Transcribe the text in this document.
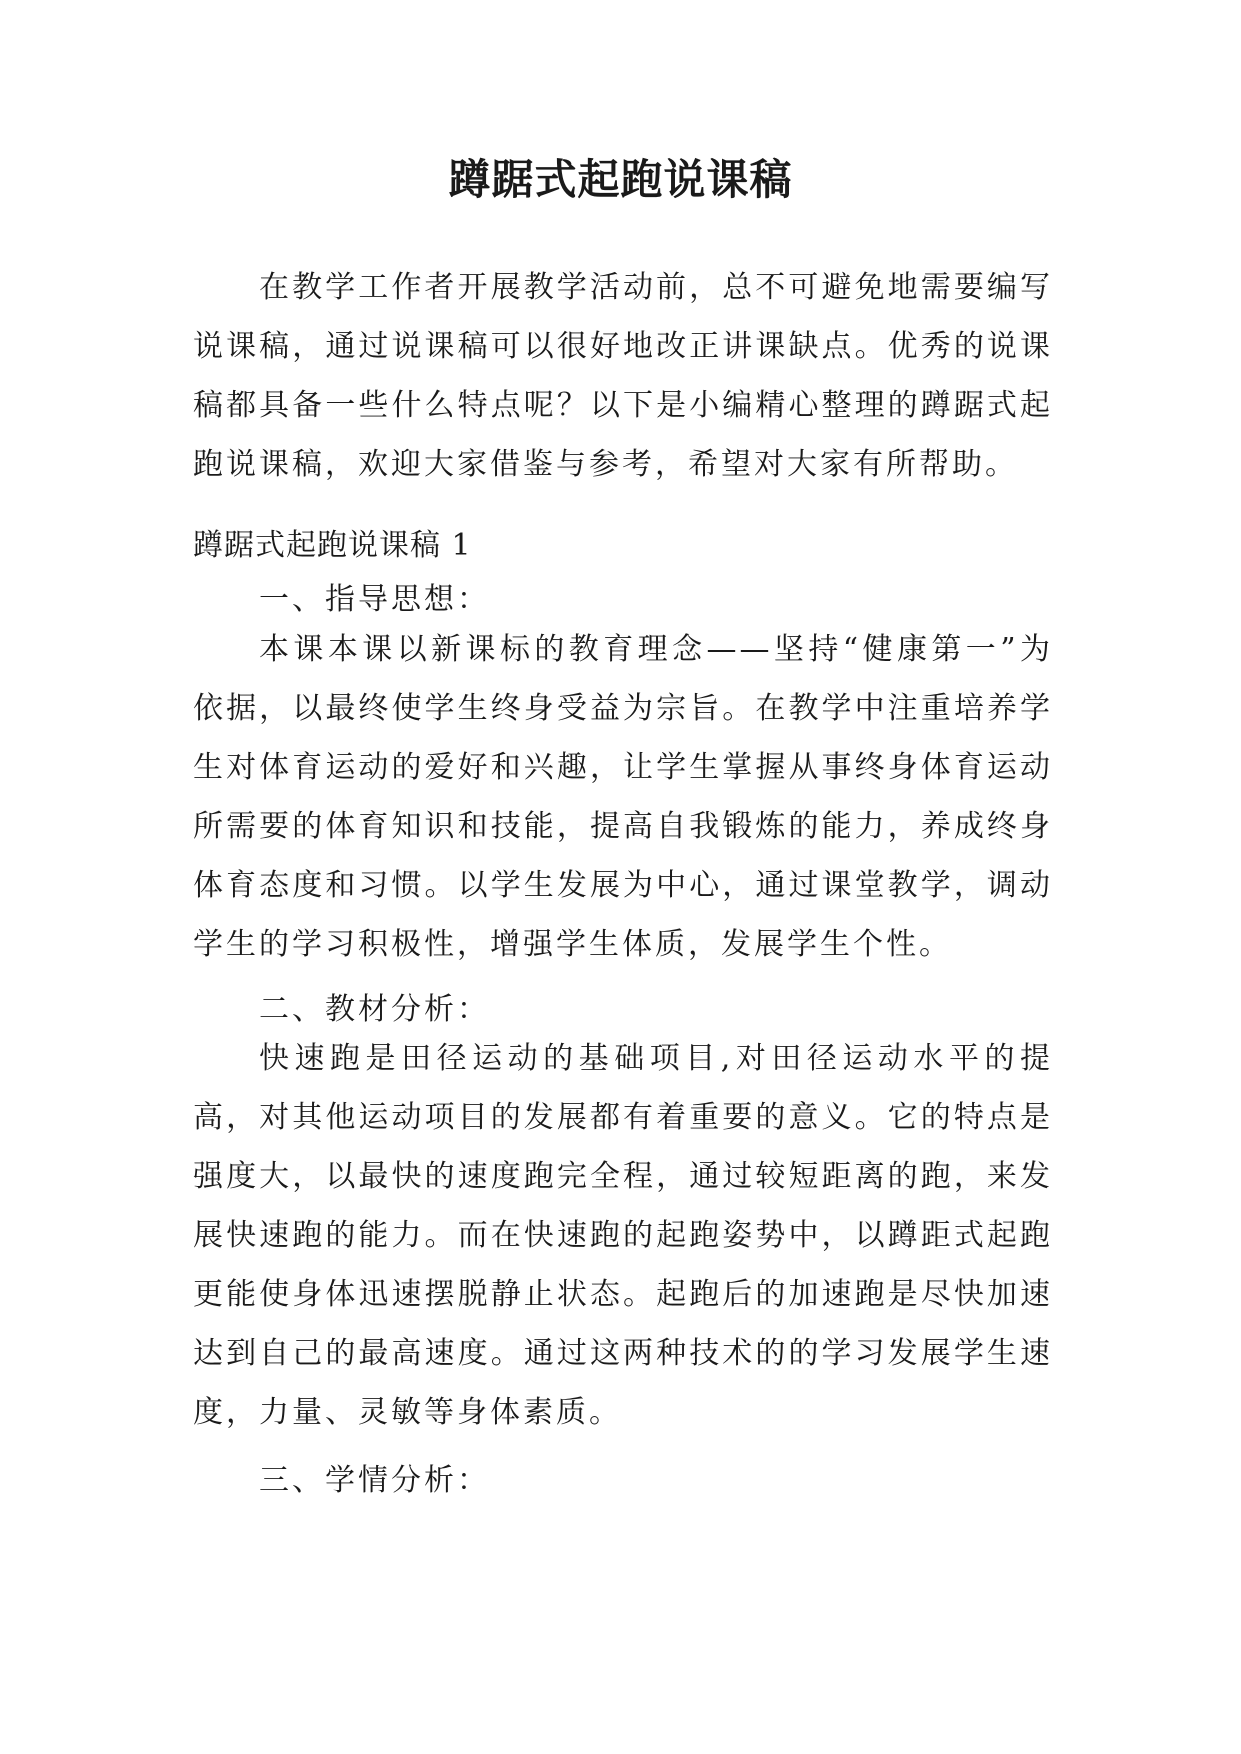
蹲踞式起跑说课稿

在教学工作者开展教学活动前，总不可避免地需要编写说课稿，通过说课稿可以很好地改正讲课缺点。优秀的说课稿都具备一些什么特点呢？以下是小编精心整理的蹲踞式起跑说课稿，欢迎大家借鉴与参考，希望对大家有所帮助。

蹲踞式起跑说课稿 1

一、指导思想：

本课本课以新课标的教育理念——坚持“健康第一”为依据，以最终使学生终身受益为宗旨。在教学中注重培养学生对体育运动的爱好和兴趣，让学生掌握从事终身体育运动所需要的体育知识和技能，提高自我锻炼的能力，养成终身体育态度和习惯。以学生发展为中心，通过课堂教学，调动学生的学习积极性，增强学生体质，发展学生个性。

二、教材分析：

快速跑是田径运动的基础项目,对田径运动水平的提高，对其他运动项目的发展都有着重要的意义。它的特点是强度大，以最快的速度跑完全程，通过较短距离的跑，来发展快速跑的能力。而在快速跑的起跑姿势中，以蹲距式起跑更能使身体迅速摆脱静止状态。起跑后的加速跑是尽快加速达到自己的最高速度。通过这两种技术的的学习发展学生速度，力量、灵敏等身体素质。

三、学情分析：
